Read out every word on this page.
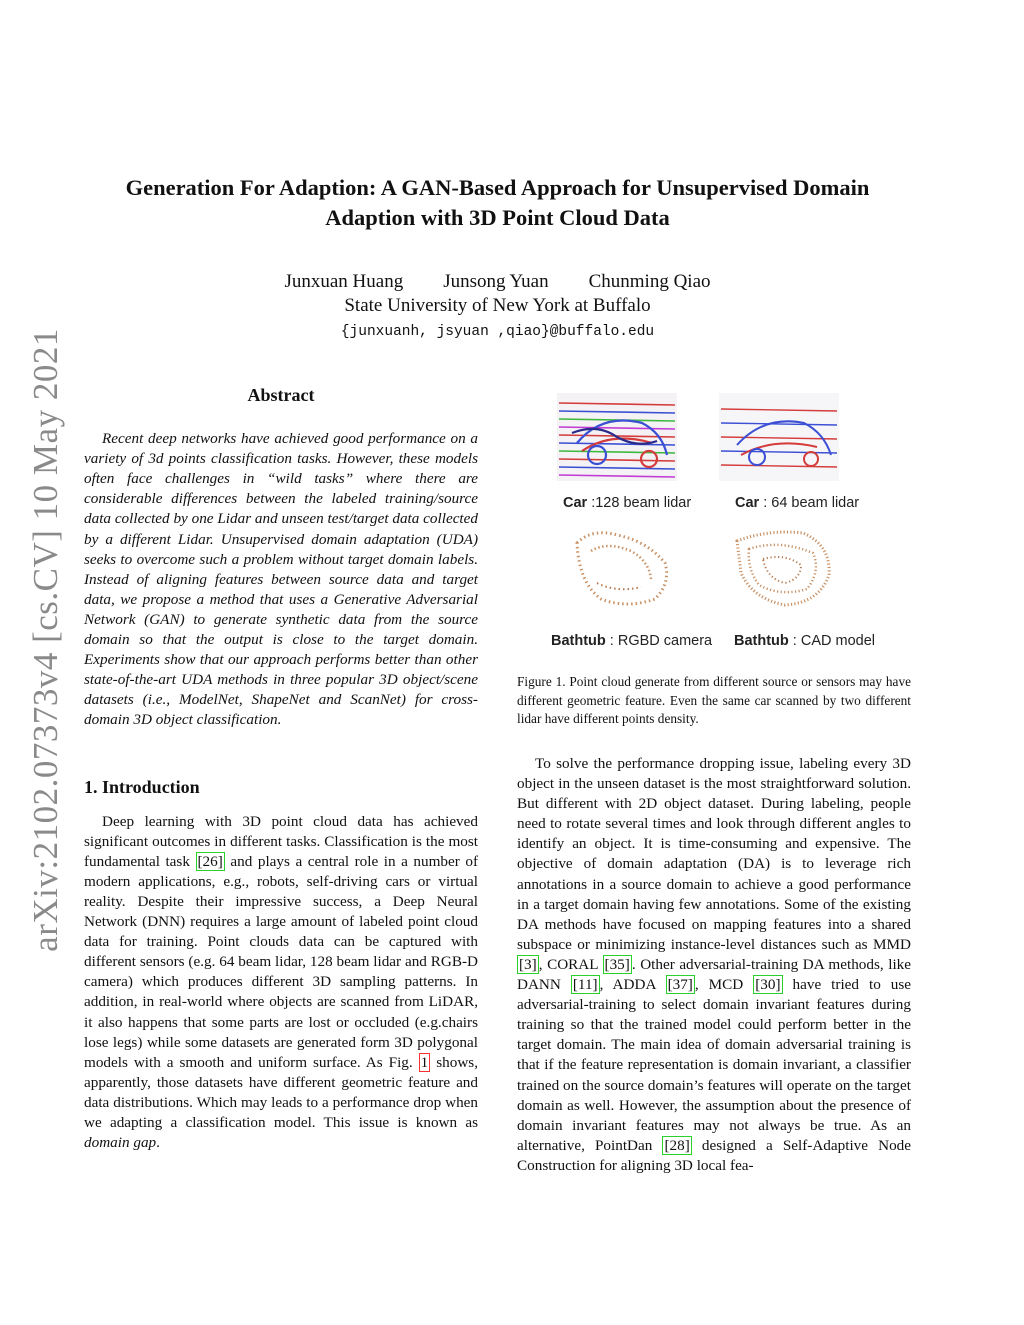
arXiv:2102.07373v4 [cs.CV] 10 May 2021
Generation For Adaption: A GAN-Based Approach for Unsupervised Domain
Adaption with 3D Point Cloud Data
Junxuan Huang Junsong Yuan Chunming Qiao
State University of New York at Buffalo
{junxuanh, jsyuan ,qiao}@buffalo.edu
Abstract

Recent deep networks have achieved good performance on a variety of 3d points classification tasks. However, these models often face challenges in “wild tasks” where there are considerable differences between the labeled training/source data collected by one Lidar and unseen test/target data collected by a different Lidar. Unsupervised domain adaptation (UDA) seeks to overcome such a problem without target domain labels. Instead of aligning features between source data and target data, we propose a method that uses a Generative Adversarial Network (GAN) to generate synthetic data from the source domain so that the output is close to the target domain. Experiments show that our approach performs better than other state-of-the-art UDA methods in three popular 3D object/scene datasets (i.e., ModelNet, ShapeNet and ScanNet) for cross-domain 3D object classification.

1. Introduction

Deep learning with 3D point cloud data has achieved significant outcomes in different tasks. Classification is the most fundamental task [26] and plays a central role in a number of modern applications, e.g., robots, self-driving cars or virtual reality. Despite their impressive success, a Deep Neural Network (DNN) requires a large amount of labeled point cloud data for training. Point clouds data can be captured with different sensors (e.g. 64 beam lidar, 128 beam lidar and RGB-D camera) which produces different 3D sampling patterns. In addition, in real-world where objects are scanned from LiDAR, it also happens that some parts are lost or occluded (e.g.chairs lose legs) while some datasets are generated form 3D polygonal models with a smooth and uniform surface. As Fig. 1 shows, apparently, those datasets have different geometric feature and data distributions. Which may leads to a performance drop when we adapting a classification model. This issue is known as domain gap.

Car :128 beam lidar	Car : 64 beam lidar
Bathtub : RGBD camera Bathtub : CAD model
Figure 1. Point cloud generate from different source or sensors may have different geometric feature. Even the same car scanned by two different lidar have different points density.

To solve the performance dropping issue, labeling every 3D object in the unseen dataset is the most straightforward solution. But different with 2D object dataset. During labeling, people need to rotate several times and look through different angles to identify an object. It is time-consuming and expensive. The objective of domain adaptation (DA) is to leverage rich annotations in a source domain to achieve a good performance in a target domain having few annotations. Some of the existing DA methods have focused on mapping features into a shared subspace or minimizing instance-level distances such as MMD [3] , CORAL [35] . Other adversarial-training DA methods, like DANN [11] , ADDA [37] , MCD [30] have tried to use adversarial-training to select domain invariant features during training so that the trained model could perform better in the target domain. The main idea of domain adversarial training is that if the feature representation is domain invariant, a classifier trained on the source domain’s features will operate on the target domain as well. However, the assumption about the presence of domain invariant features may not always be true. As an alternative, PointDan [28] designed a Self-Adaptive Node Construction for aligning 3D local fea-
